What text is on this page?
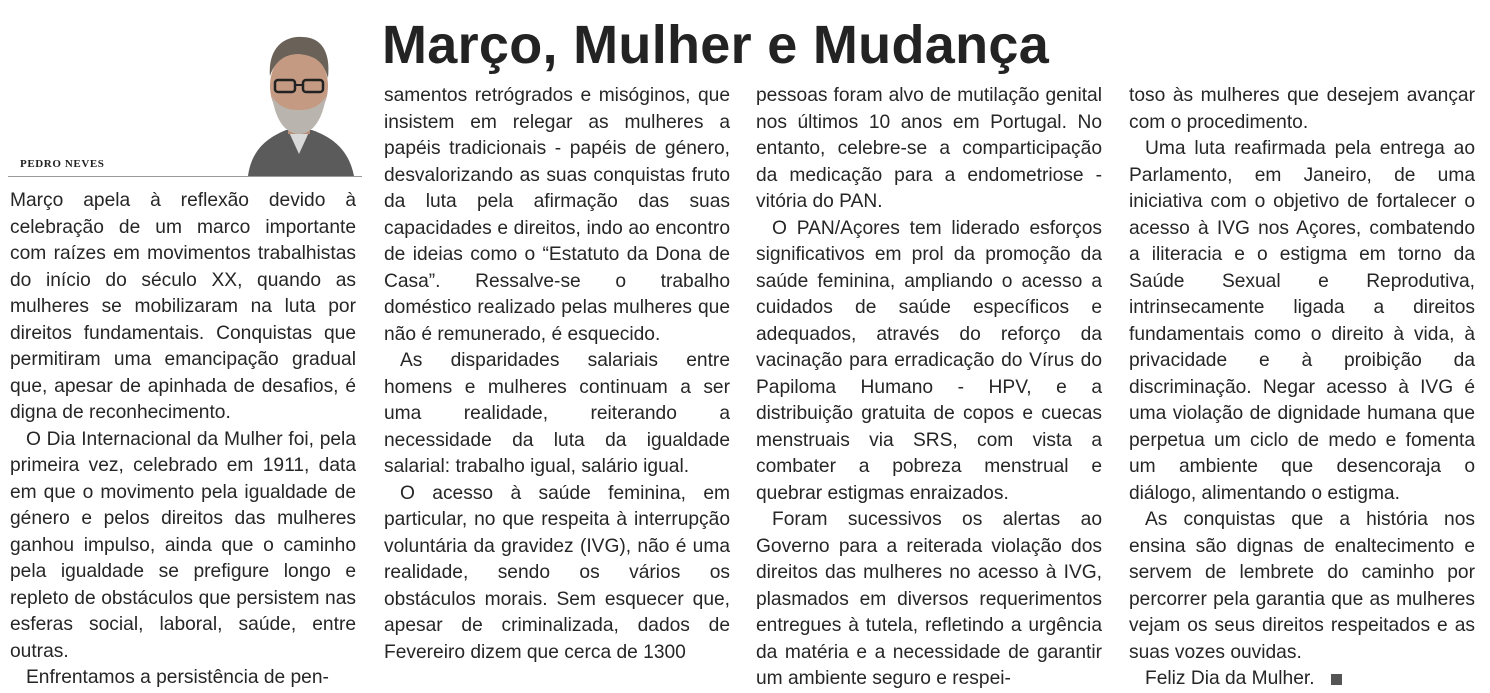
Março, Mulher e Mudança

PEDRO NEVES

Março apela à reflexão devido à celebração de um marco importante com raízes em movimentos trabalhistas do início do século XX, quando as mulheres se mobilizaram na luta por direitos fundamentais. Conquistas que permitiram uma emancipação gradual que, apesar de apinhada de desafios, é digna de reconhecimento.

O Dia Internacional da Mulher foi, pela primeira vez, celebrado em 1911, data em que o movimento pela igualdade de género e pelos direitos das mulheres ganhou impulso, ainda que o caminho pela igualdade se prefigure longo e repleto de obstáculos que persistem nas esferas social, laboral, saúde, entre outras.

Enfrentamos a persistência de pen-

samentos retrógrados e misóginos, que insistem em relegar as mulheres a papéis tradicionais - papéis de género, desvalorizando as suas conquistas fruto da luta pela afirmação das suas capacidades e direitos, indo ao encontro de ideias como o “Estatuto da Dona de Casa”. Ressalve-se o trabalho doméstico realizado pelas mulheres que não é remunerado, é esquecido.

As disparidades salariais entre homens e mulheres continuam a ser uma realidade, reiterando a necessidade da luta da igualdade salarial: trabalho igual, salário igual.

O acesso à saúde feminina, em particular, no que respeita à interrupção voluntária da gravidez (IVG), não é uma realidade, sendo os vários os obstáculos morais. Sem esquecer que, apesar de criminalizada, dados de Fevereiro dizem que cerca de 1300

pessoas foram alvo de mutilação genital nos últimos 10 anos em Portugal. No entanto, celebre-se a comparticipação da medicação para a endometriose - vitória do PAN.

O PAN/Açores tem liderado esforços significativos em prol da promoção da saúde feminina, ampliando o acesso a cuidados de saúde específicos e adequados, através do reforço da vacinação para erradicação do Vírus do Papiloma Humano - HPV, e a distribuição gratuita de copos e cuecas menstruais via SRS, com vista a combater a pobreza menstrual e quebrar estigmas enraizados.

Foram sucessivos os alertas ao Governo para a reiterada violação dos direitos das mulheres no acesso à IVG, plasmados em diversos requerimentos entregues à tutela, refletindo a urgência da matéria e a necessidade de garantir um ambiente seguro e respei-

toso às mulheres que desejem avançar com o procedimento.

Uma luta reafirmada pela entrega ao Parlamento, em Janeiro, de uma iniciativa com o objetivo de fortalecer o acesso à IVG nos Açores, combatendo a iliteracia e o estigma em torno da Saúde Sexual e Reprodutiva, intrinsecamente ligada a direitos fundamentais como o direito à vida, à privacidade e à proibição da discriminação. Negar acesso à IVG é uma violação de dignidade humana que perpetua um ciclo de medo e fomenta um ambiente que desencoraja o diálogo, alimentando o estigma.

As conquistas que a história nos ensina são dignas de enaltecimento e servem de lembrete do caminho por percorrer pela garantia que as mulheres vejam os seus direitos respeitados e as suas vozes ouvidas.

Feliz Dia da Mulher.
